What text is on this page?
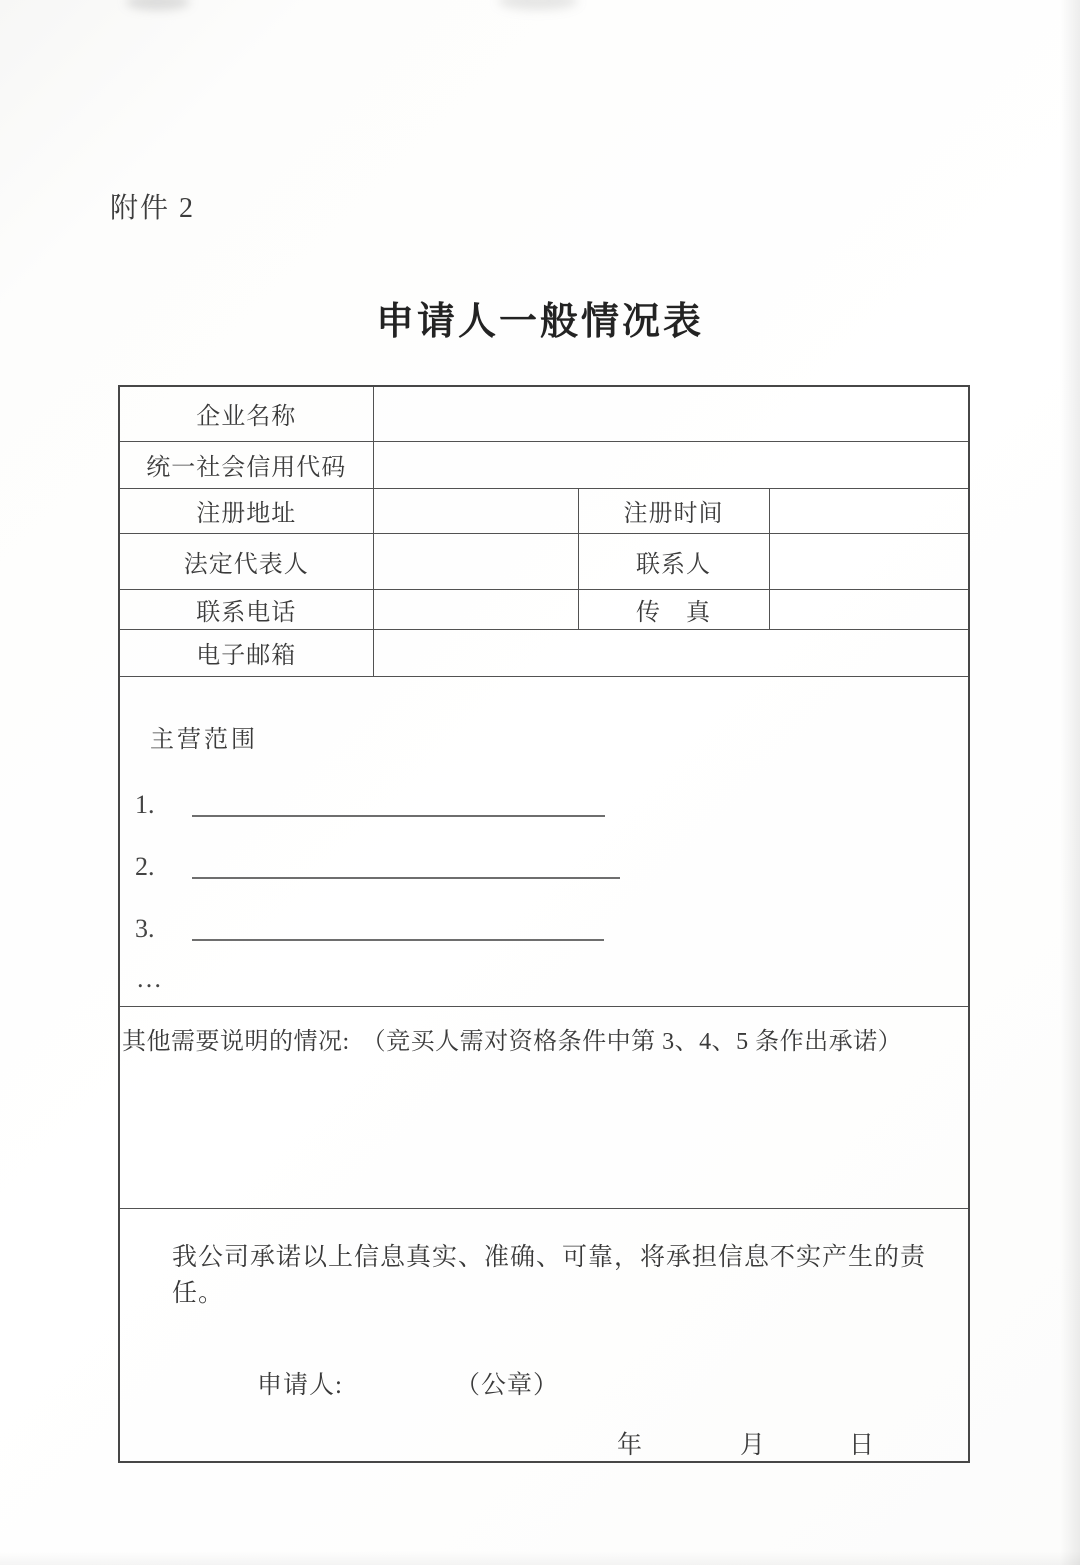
附件 2
申请人一般情况表
企业名称			
统一社会信用代码			
注册地址		注册时间	
法定代表人		联系人	
联系电话		传　真	
电子邮箱			

主营范围
1.
2.
3.
…			

其他需要说明的情况: （竞买人需对资格条件中第 3、4、5 条作出承诺）			

我公司承诺以上信息真实、准确、可靠，将承担信息不实产生的责任。
申请人: （公章）
年 月 日			
